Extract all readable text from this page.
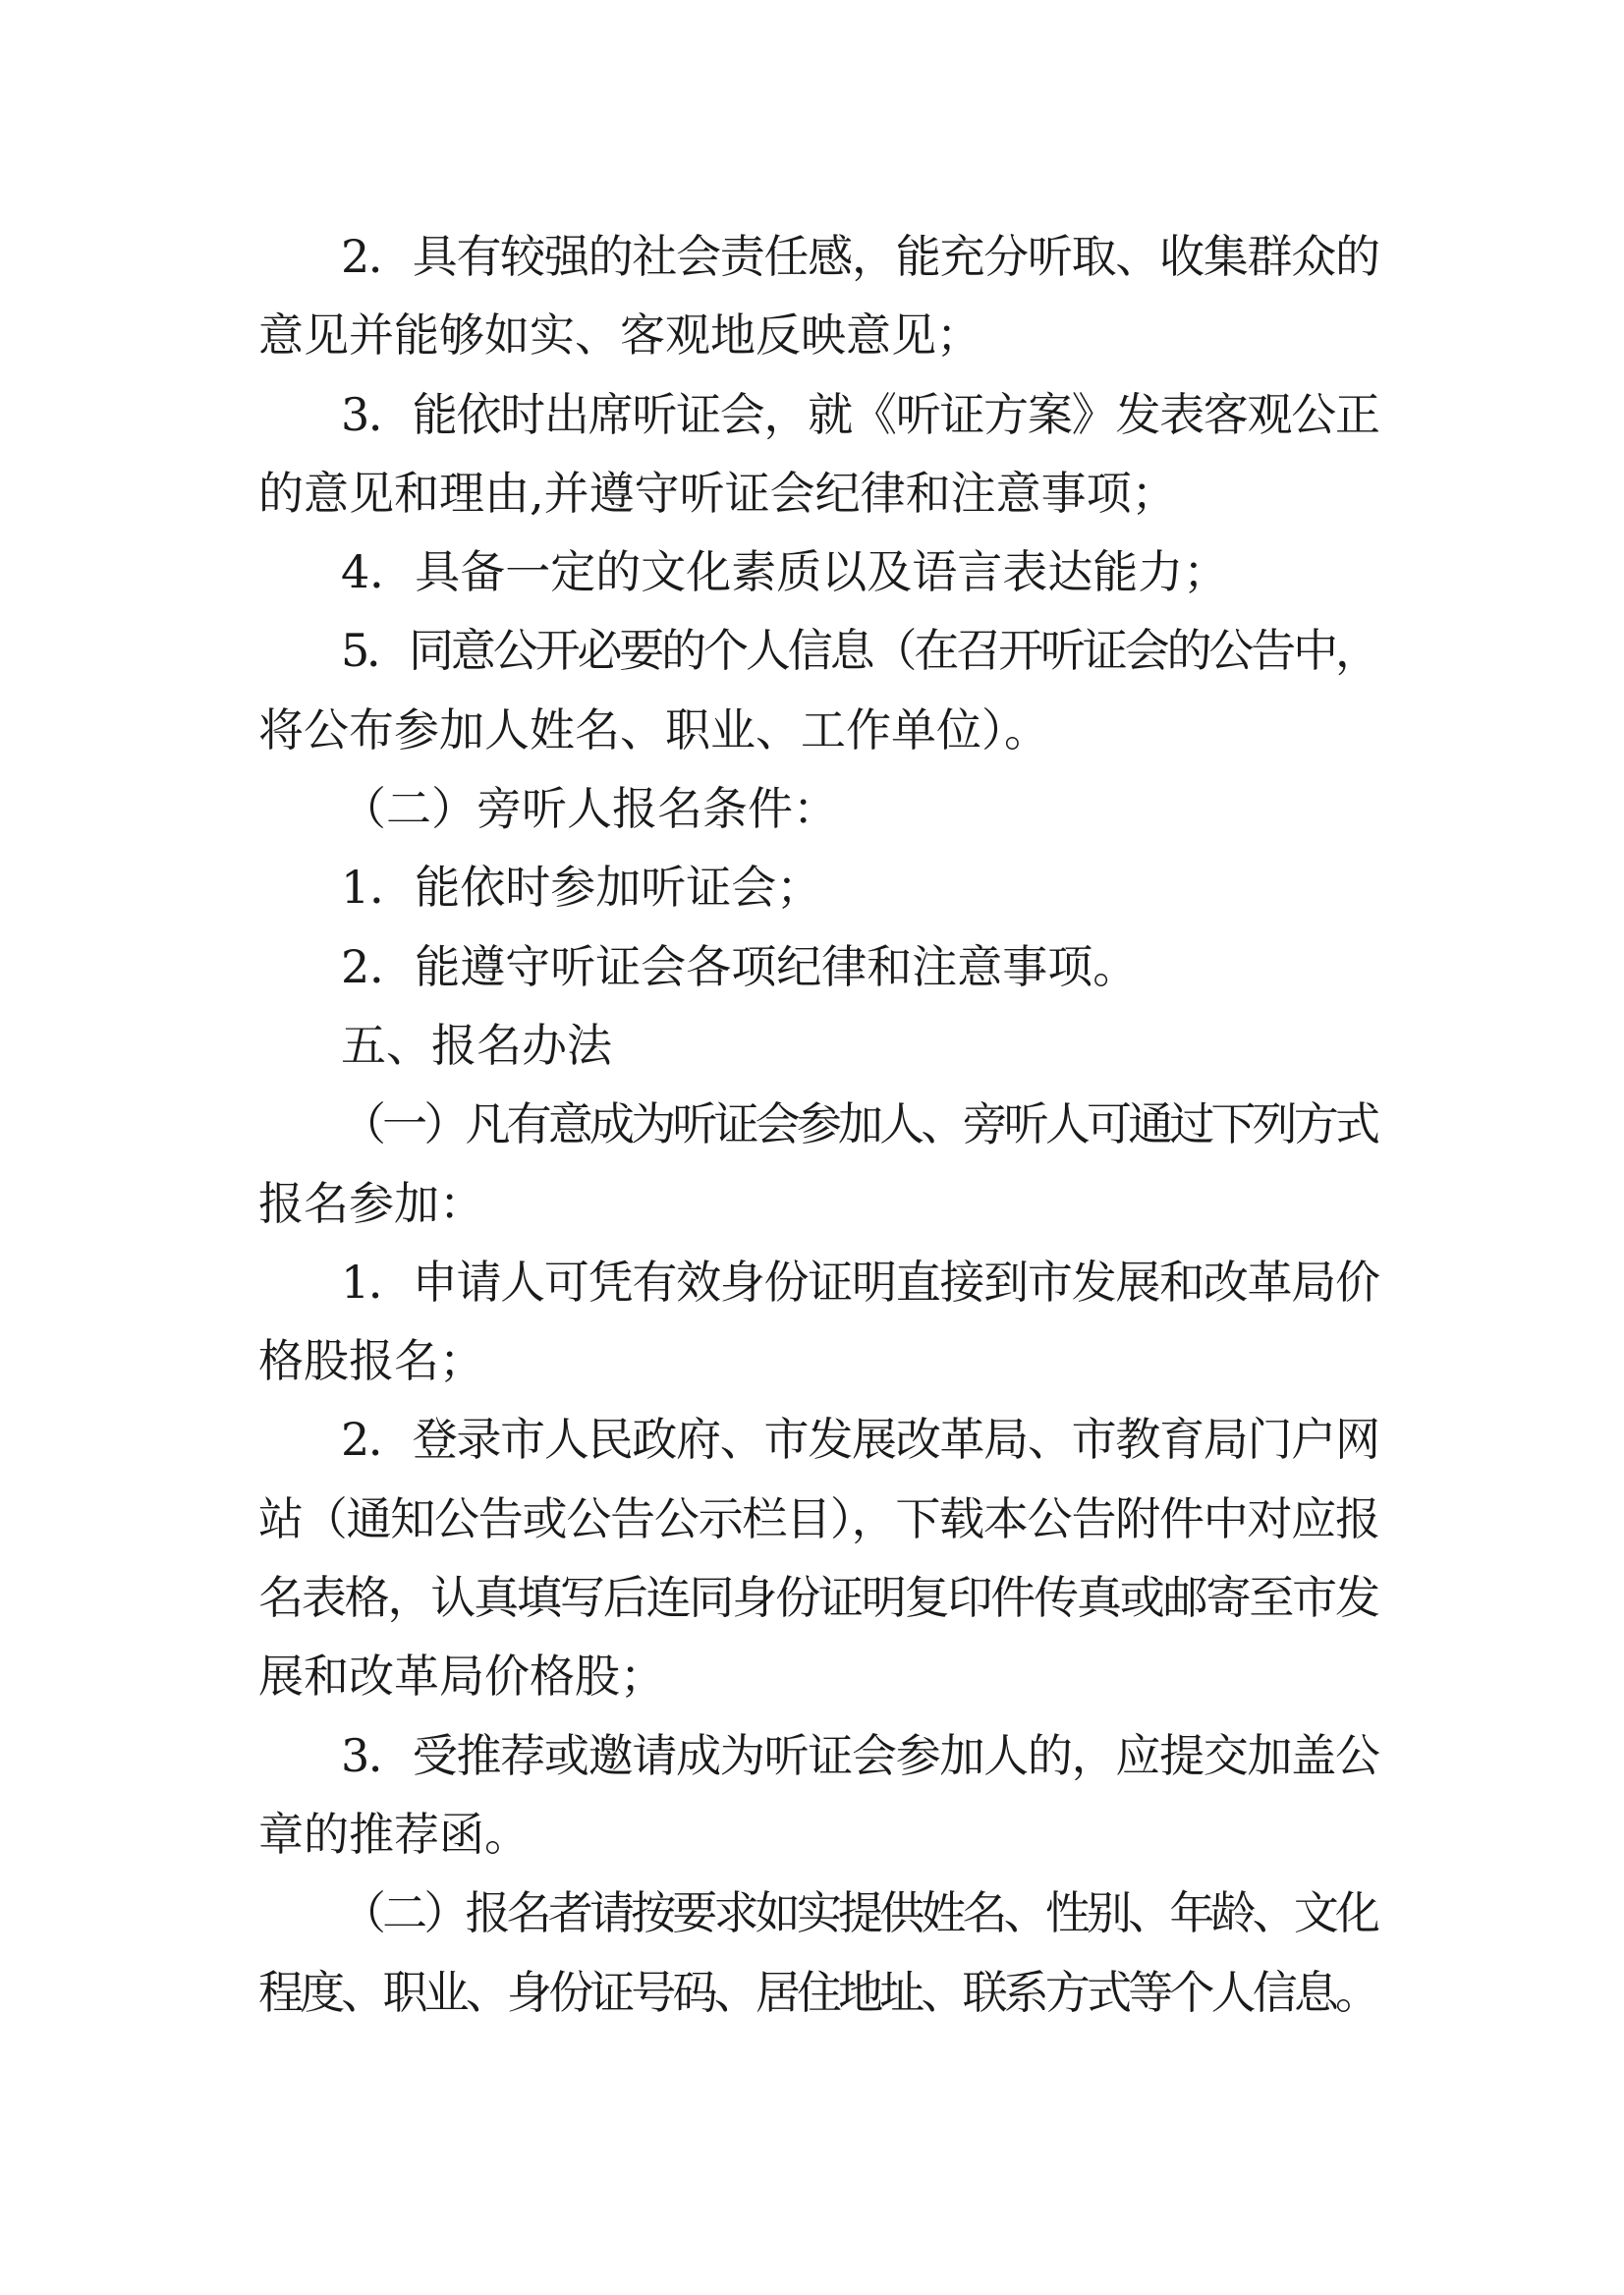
2．具有较强的社会责任感，能充分听取、收集群众的
意见并能够如实、客观地反映意见；
3．能依时出席听证会，就《听证方案》发表客观公正
的意见和理由,并遵守听证会纪律和注意事项；
4．具备一定的文化素质以及语言表达能力；
5．同意公开必要的个人信息（在召开听证会的公告中，
将公布参加人姓名、职业、工作单位）。
（二）旁听人报名条件：
1．能依时参加听证会；
2．能遵守听证会各项纪律和注意事项。
五、报名办法
（一）凡有意成为听证会参加人、旁听人可通过下列方式
报名参加：
1．申请人可凭有效身份证明直接到市发展和改革局价
格股报名；
2．登录市人民政府、市发展改革局、市教育局门户网
站（通知公告或公告公示栏目），下载本公告附件中对应报
名表格，认真填写后连同身份证明复印件传真或邮寄至市发
展和改革局价格股；
3．受推荐或邀请成为听证会参加人的，应提交加盖公
章的推荐函。
（二）报名者请按要求如实提供姓名、性别、年龄、文化
程度、职业、身份证号码、居住地址、联系方式等个人信息。
